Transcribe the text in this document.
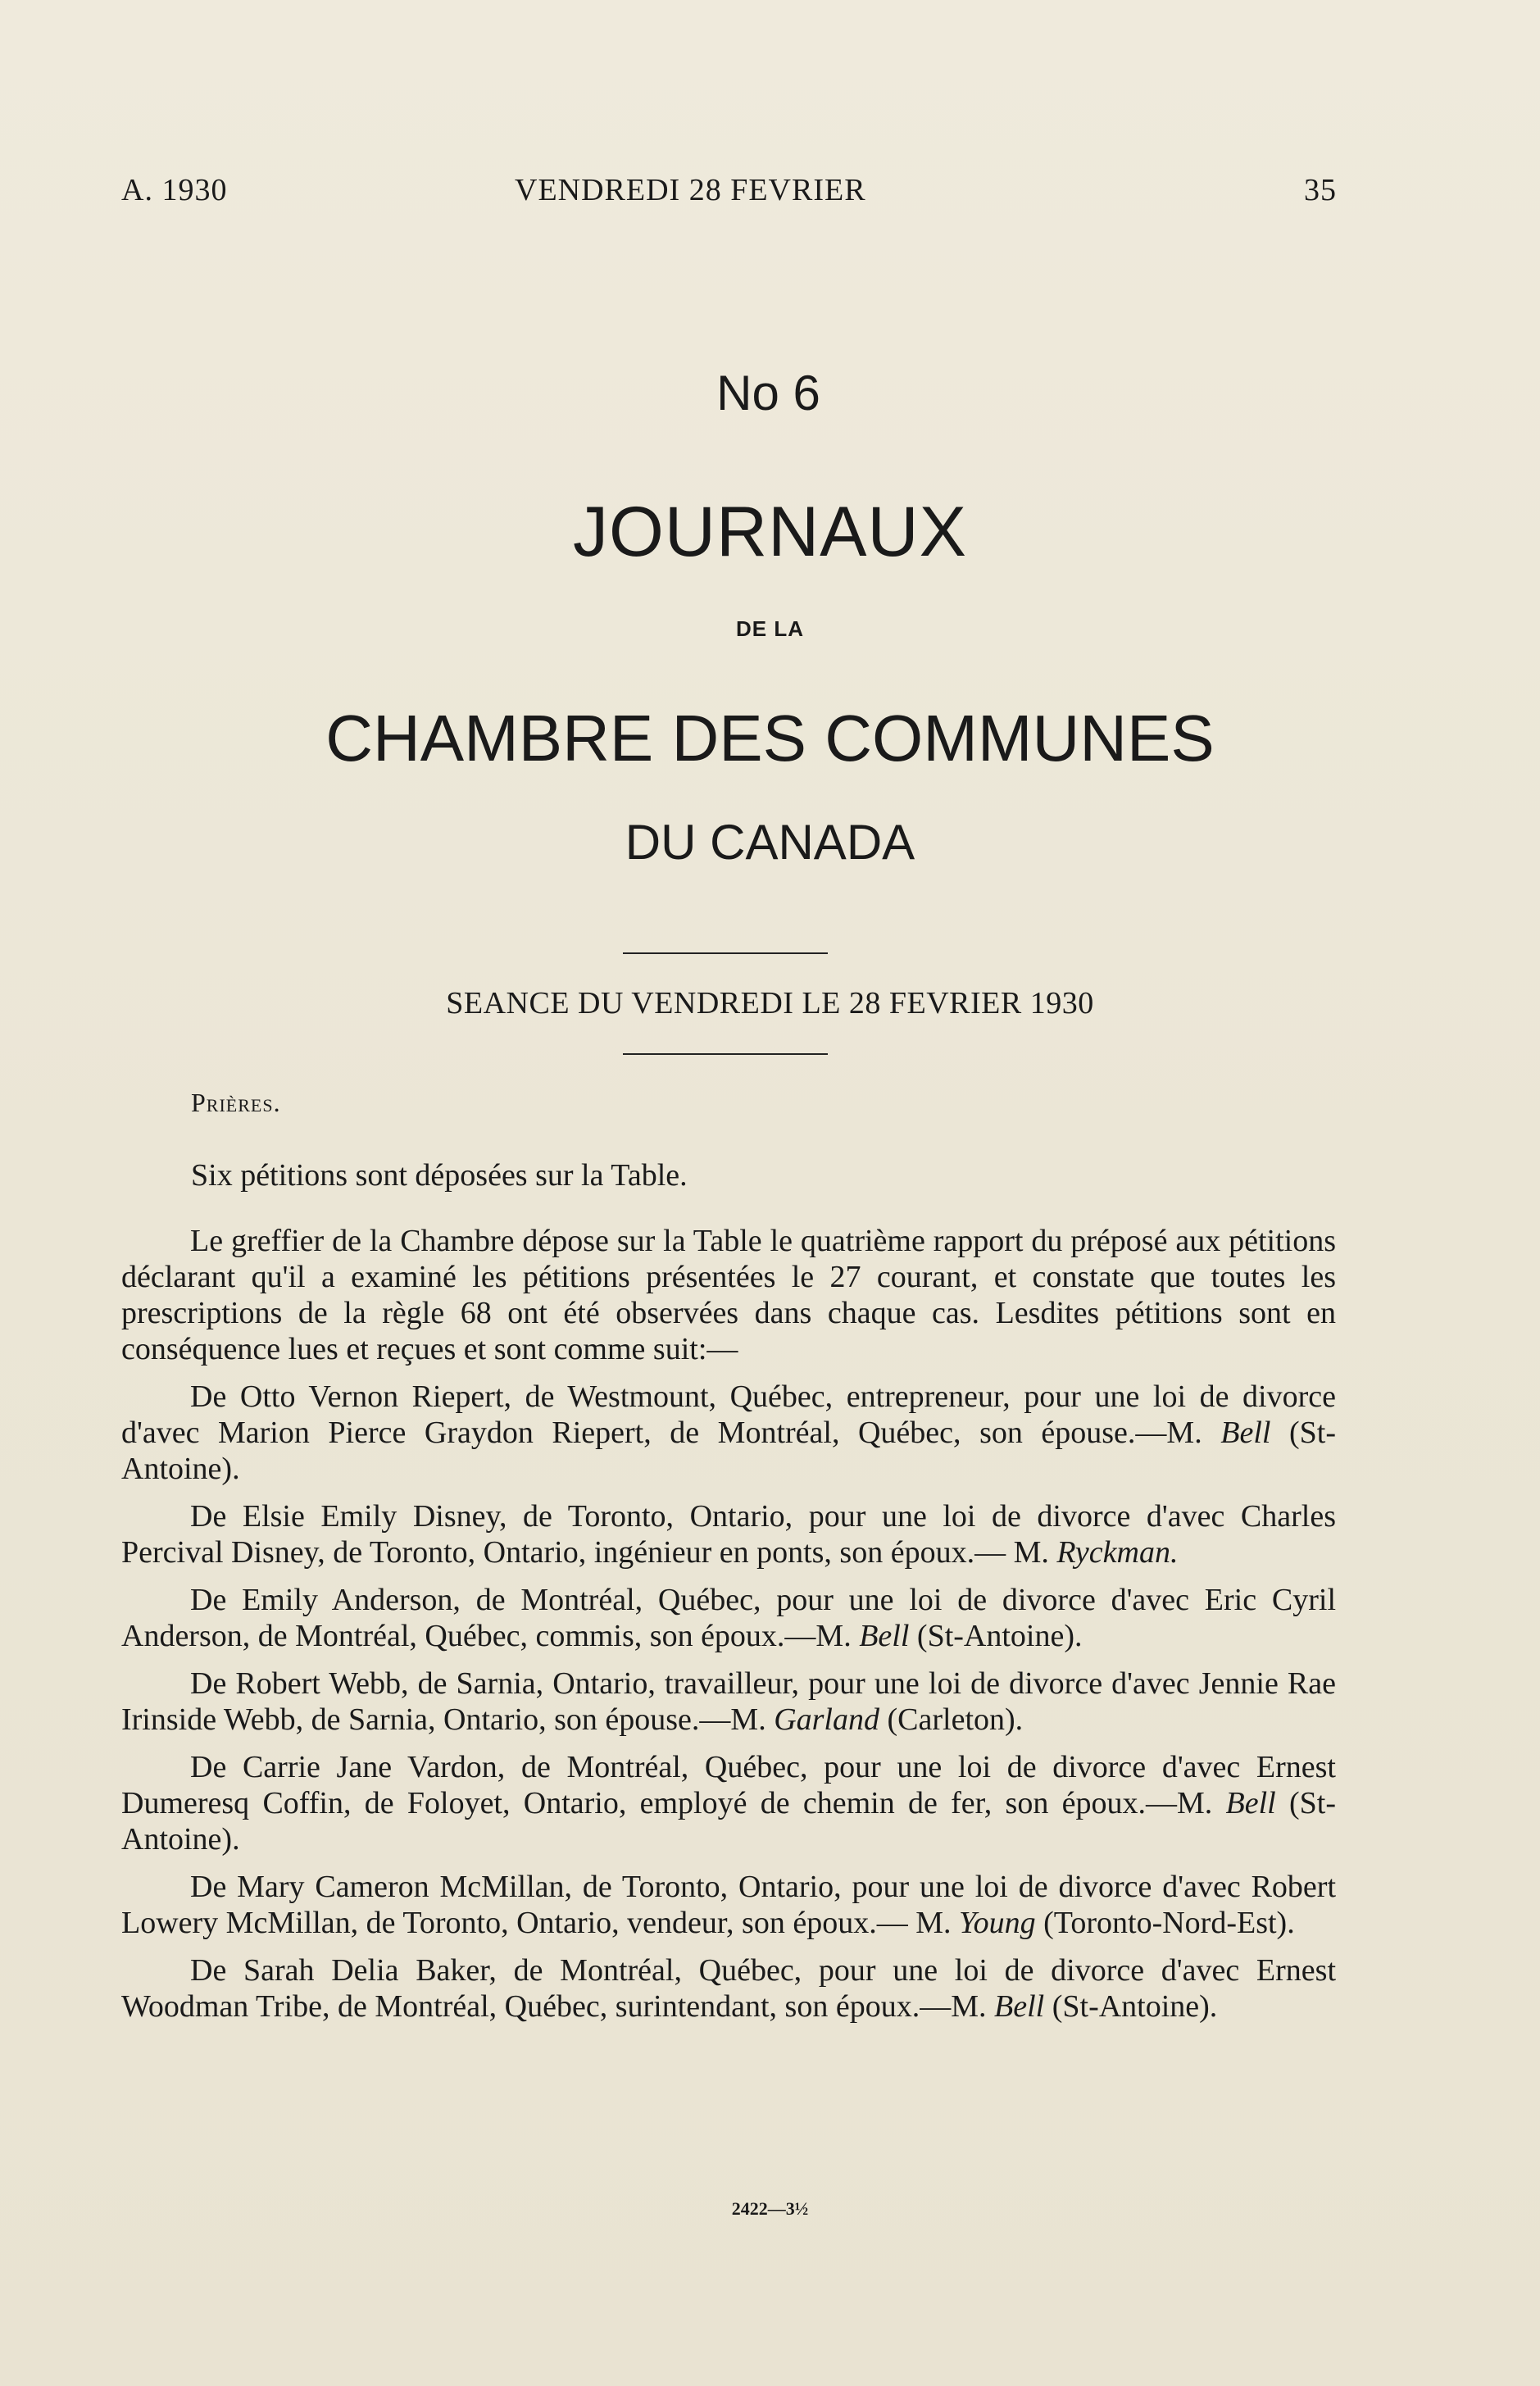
A. 1930	VENDREDI 28 FEVRIER	35
No 6
JOURNAUX
DE LA
CHAMBRE DES COMMUNES
DU CANADA
SEANCE DU VENDREDI LE 28 FEVRIER 1930
Prières.
Six pétitions sont déposées sur la Table.

Le greffier de la Chambre dépose sur la Table le quatrième rapport du préposé aux pétitions déclarant qu'il a examiné les pétitions présentées le 27 courant, et constate que toutes les prescriptions de la règle 68 ont été observées dans chaque cas. Lesdites pétitions sont en conséquence lues et reçues et sont comme suit:—

De Otto Vernon Riepert, de Westmount, Québec, entrepreneur, pour une loi de divorce d'avec Marion Pierce Graydon Riepert, de Montréal, Québec, son épouse.—M. Bell (St-Antoine).

De Elsie Emily Disney, de Toronto, Ontario, pour une loi de divorce d'avec Charles Percival Disney, de Toronto, Ontario, ingénieur en ponts, son époux.— M. Ryckman.

De Emily Anderson, de Montréal, Québec, pour une loi de divorce d'avec Eric Cyril Anderson, de Montréal, Québec, commis, son époux.—M. Bell (St-Antoine).

De Robert Webb, de Sarnia, Ontario, travailleur, pour une loi de divorce d'avec Jennie Rae Irinside Webb, de Sarnia, Ontario, son épouse.—M. Garland (Carleton).

De Carrie Jane Vardon, de Montréal, Québec, pour une loi de divorce d'avec Ernest Dumeresq Coffin, de Foloyet, Ontario, employé de chemin de fer, son époux.—M. Bell (St-Antoine).

De Mary Cameron McMillan, de Toronto, Ontario, pour une loi de divorce d'avec Robert Lowery McMillan, de Toronto, Ontario, vendeur, son époux.— M. Young (Toronto-Nord-Est).

De Sarah Delia Baker, de Montréal, Québec, pour une loi de divorce d'avec Ernest Woodman Tribe, de Montréal, Québec, surintendant, son époux.—M. Bell (St-Antoine).

2422—3½
